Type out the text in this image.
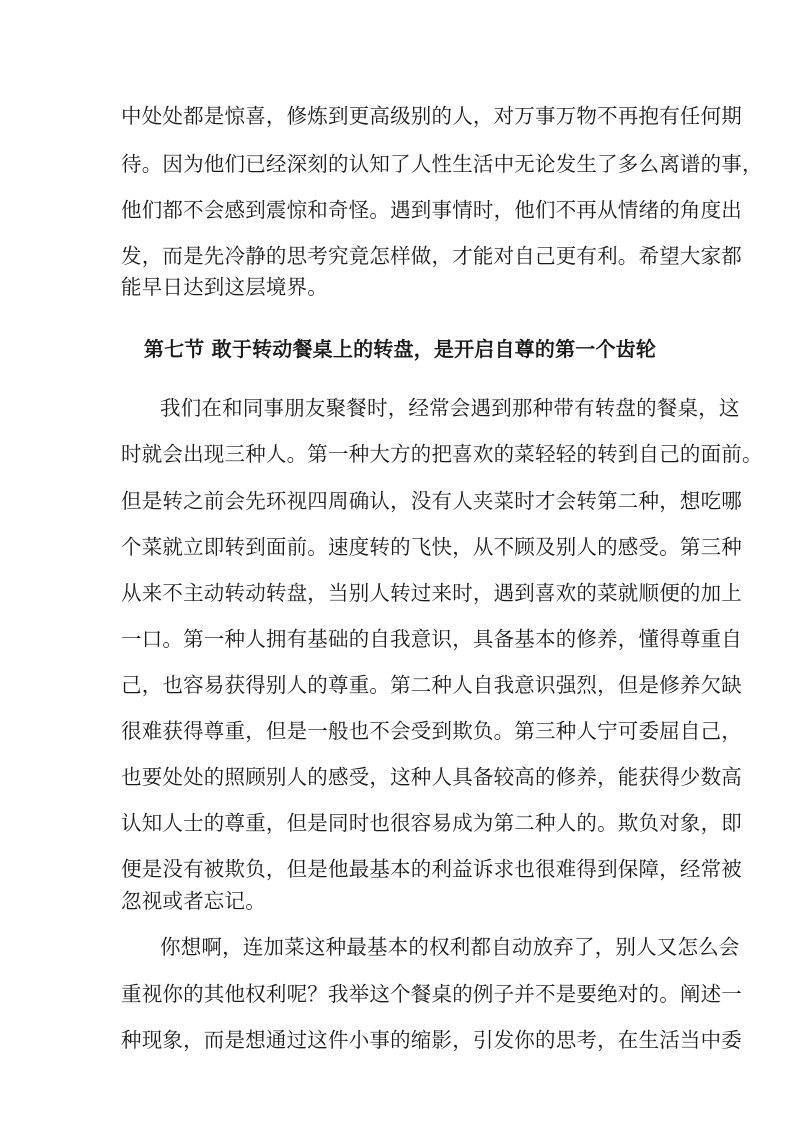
中处处都是惊喜，修炼到更高级别的人，对万事万物不再抱有任何期
待。因为他们已经深刻的认知了人性生活中无论发生了多么离谱的事，
他们都不会感到震惊和奇怪。遇到事情时，他们不再从情绪的角度出
发，而是先冷静的思考究竟怎样做，才能对自己更有利。希望大家都
能早日达到这层境界。
第七节 敢于转动餐桌上的转盘，是开启自尊的第一个齿轮
我们在和同事朋友聚餐时，经常会遇到那种带有转盘的餐桌，这
时就会出现三种人。第一种大方的把喜欢的菜轻轻的转到自己的面前。
但是转之前会先环视四周确认，没有人夹菜时才会转第二种，想吃哪
个菜就立即转到面前。速度转的飞快，从不顾及别人的感受。第三种
从来不主动转动转盘，当别人转过来时，遇到喜欢的菜就顺便的加上
一口。第一种人拥有基础的自我意识，具备基本的修养，懂得尊重自
己，也容易获得别人的尊重。第二种人自我意识强烈，但是修养欠缺
很难获得尊重，但是一般也不会受到欺负。第三种人宁可委屈自己，
也要处处的照顾别人的感受，这种人具备较高的修养，能获得少数高
认知人士的尊重，但是同时也很容易成为第二种人的。欺负对象，即
便是没有被欺负，但是他最基本的利益诉求也很难得到保障，经常被
忽视或者忘记。
你想啊，连加菜这种最基本的权利都自动放弃了，别人又怎么会
重视你的其他权利呢？我举这个餐桌的例子并不是要绝对的。阐述一
种现象，而是想通过这件小事的缩影，引发你的思考，在生活当中委
